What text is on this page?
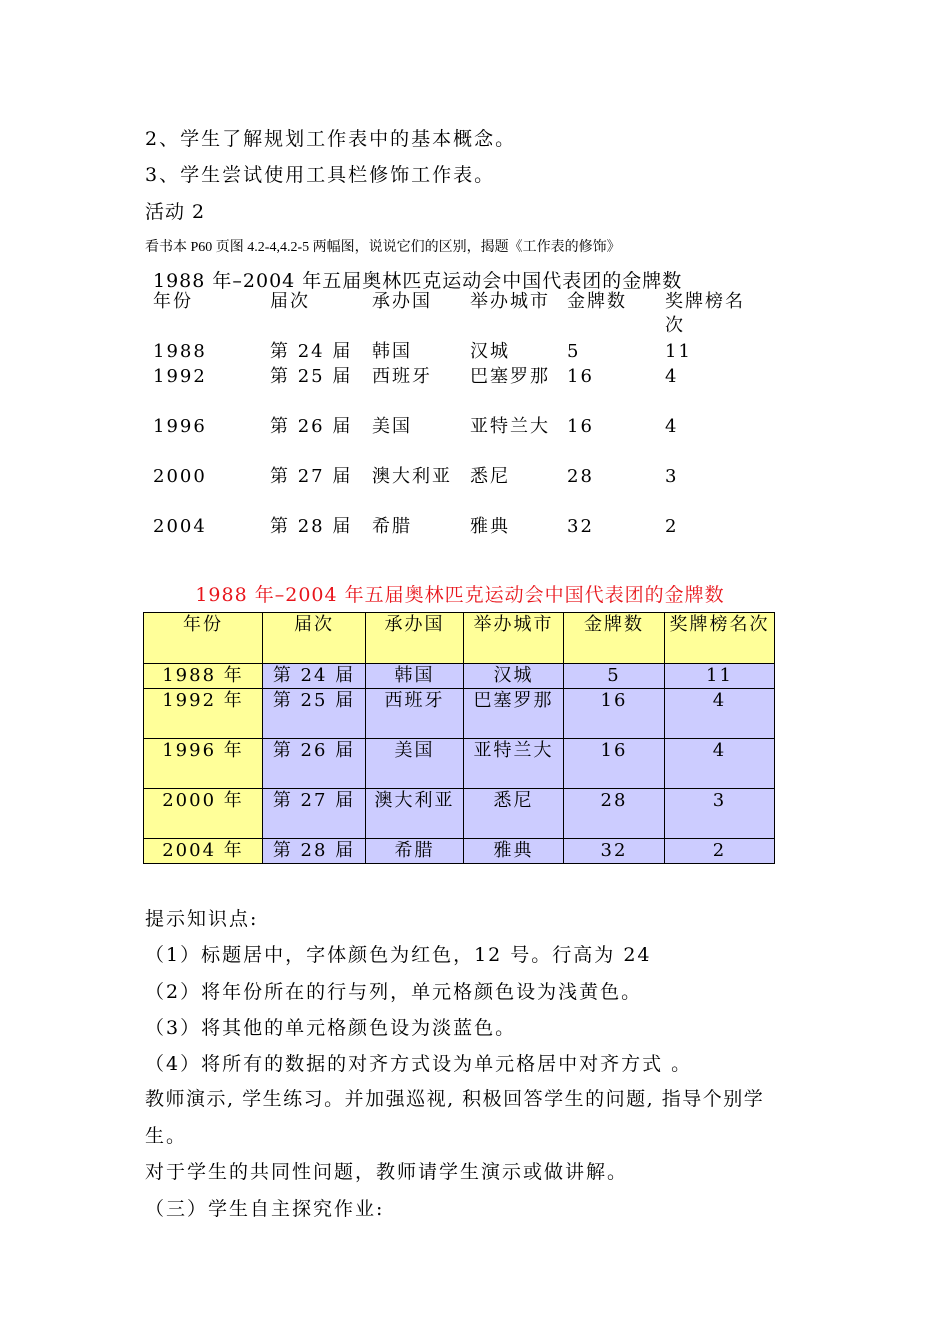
2、学生了解规划工作表中的基本概念。
3、学生尝试使用工具栏修饰工作表。
活动 2
看书本 P60 页图 4.2-4,4.2-5 两幅图，说说它们的区别，揭题《工作表的修饰》
1988 年–2004 年五届奥林匹克运动会中国代表团的金牌数
年份	届次	承办国	举办城市	金牌数	奖牌榜名次
1988	第 24 届	韩国	汉城	5	11
1992	第 25 届	西班牙	巴塞罗那	16	4
1996	第 26 届	美国	亚特兰大	16	4
2000	第 27 届	澳大利亚	悉尼	28	3
2004	第 28 届	希腊	雅典	32	2
1988 年–2004 年五届奥林匹克运动会中国代表团的金牌数
年份	届次	承办国	举办城市	金牌数	奖牌榜名次
1988 年	第 24 届	韩国	汉城	5	11
1992 年	第 25 届	西班牙	巴塞罗那	16	4
1996 年	第 26 届	美国	亚特兰大	16	4
2000 年	第 27 届	澳大利亚	悉尼	28	3
2004 年	第 28 届	希腊	雅典	32	2
提示知识点:
（1）标题居中，字体颜色为红色，12 号。行高为 24
（2）将年份所在的行与列，单元格颜色设为浅黄色。
（3）将其他的单元格颜色设为淡蓝色。
（4）将所有的数据的对齐方式设为单元格居中对齐方式 。
教师演示, 学生练习。并加强巡视, 积极回答学生的问题, 指导个别学
生。
对于学生的共同性问题，教师请学生演示或做讲解。
（三）学生自主探究作业:
